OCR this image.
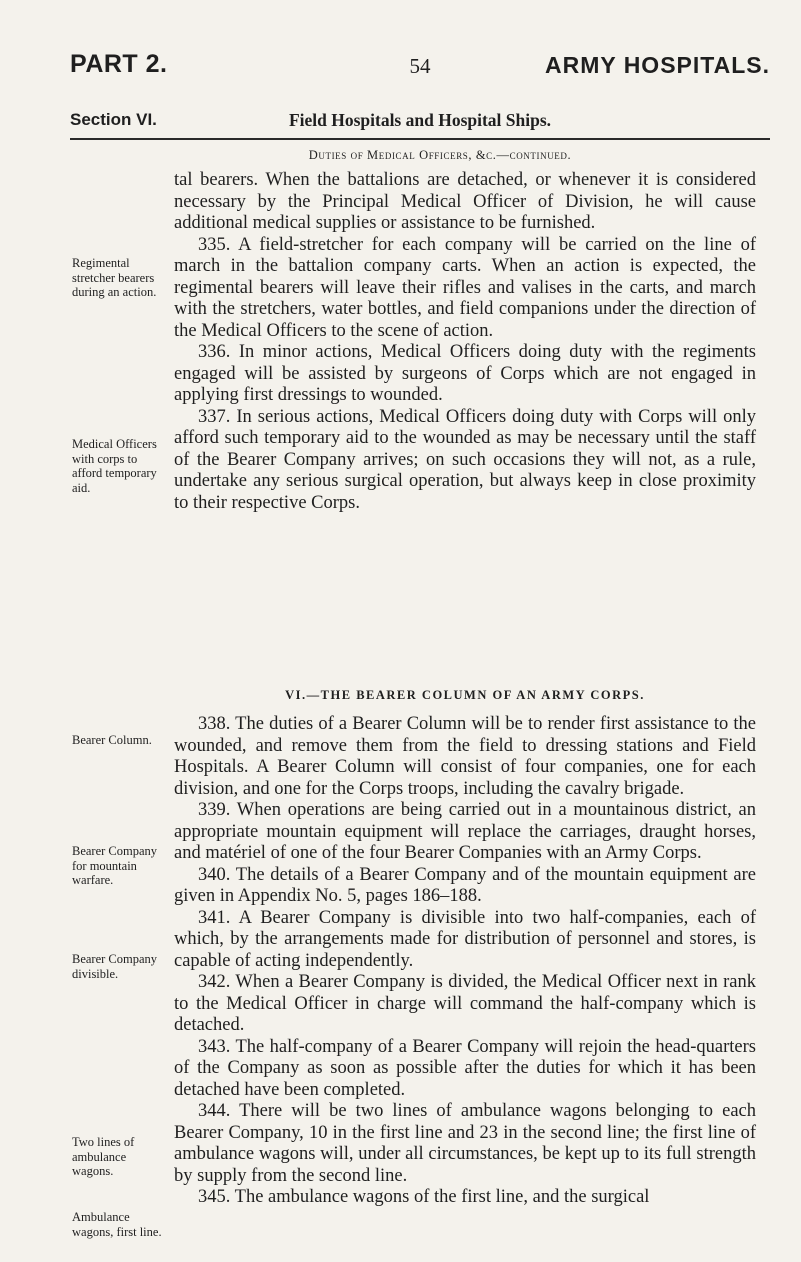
PART 2.	54	ARMY HOSPITALS.
Section VI.	Field Hospitals and Hospital Ships.
Duties of Medical Officers, &c.—continued.

tal bearers. When the battalions are detached, or whenever it is considered necessary by the Principal Medical Officer of Division, he will cause additional medical supplies or assistance to be furnished.

335. A field-stretcher for each company will be carried on the line of march in the battalion company carts. When an action is expected, the regimental bearers will leave their rifles and valises in the carts, and march with the stretchers, water bottles, and field companions under the direction of the Medical Officers to the scene of action.

336. In minor actions, Medical Officers doing duty with the regiments engaged will be assisted by surgeons of Corps which are not engaged in applying first dressings to wounded.

337. In serious actions, Medical Officers doing duty with Corps will only afford such temporary aid to the wounded as may be necessary until the staff of the Bearer Company arrives; on such occasions they will not, as a rule, undertake any serious surgical operation, but always keep in close proximity to their respective Corps.

VI.—THE BEARER COLUMN OF AN ARMY CORPS.

338. The duties of a Bearer Column will be to render first assistance to the wounded, and remove them from the field to dressing stations and Field Hospitals. A Bearer Column will consist of four companies, one for each division, and one for the Corps troops, including the cavalry brigade.

339. When operations are being carried out in a mountainous district, an appropriate mountain equipment will replace the carriages, draught horses, and matériel of one of the four Bearer Companies with an Army Corps.

340. The details of a Bearer Company and of the mountain equipment are given in Appendix No. 5, pages 186–188.

341. A Bearer Company is divisible into two half-companies, each of which, by the arrangements made for distribution of personnel and stores, is capable of acting independently.

342. When a Bearer Company is divided, the Medical Officer next in rank to the Medical Officer in charge will command the half-company which is detached.

343. The half-company of a Bearer Company will rejoin the head-quarters of the Company as soon as possible after the duties for which it has been detached have been completed.

344. There will be two lines of ambulance wagons belonging to each Bearer Company, 10 in the first line and 23 in the second line; the first line of ambulance wagons will, under all circumstances, be kept up to its full strength by supply from the second line.

345. The ambulance wagons of the first line, and the surgical

Regimental stretcher bearers during an action.
Medical Officers with corps to afford temporary aid.
Bearer Column.
Bearer Company for mountain warfare.
Bearer Company divisible.
Two lines of ambulance wagons.
Ambulance wagons, first line.
